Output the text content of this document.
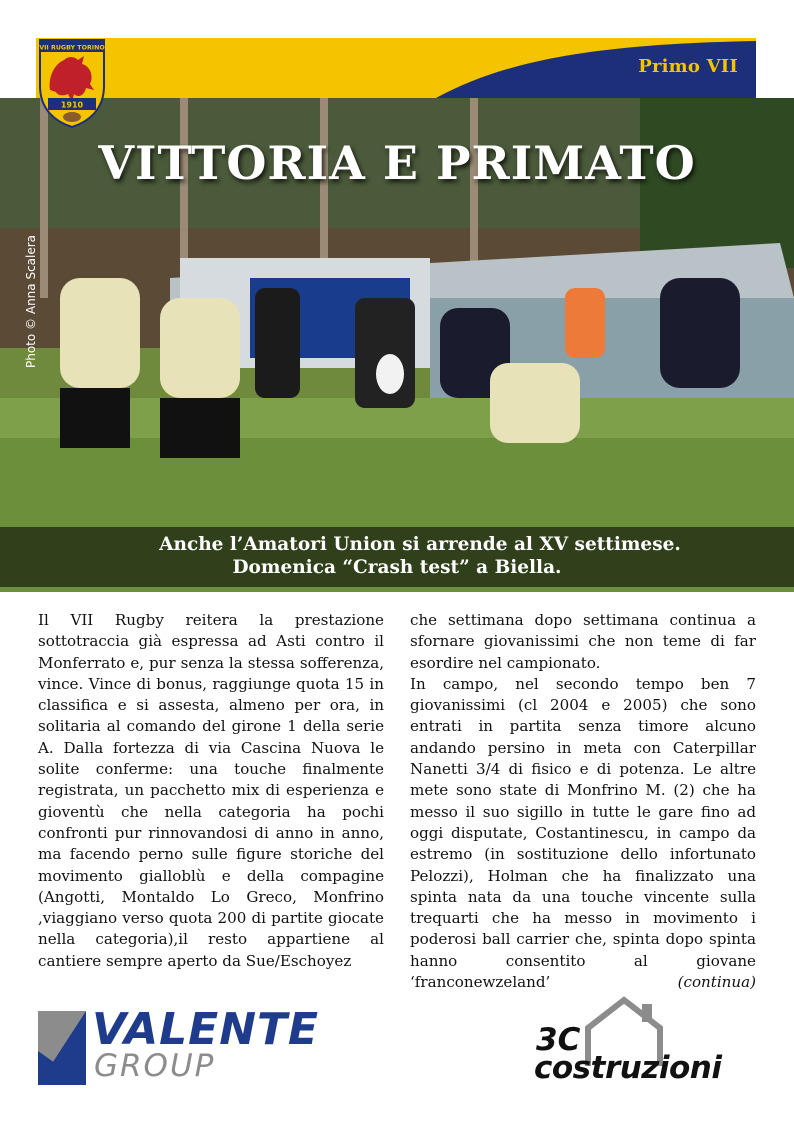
Primo VII
VII RUGBY TORINO
1910
VITTORIA E PRIMATO
Photo © Anna Scalera
Anche l’Amatori Union si arrende al XV settimese.
Domenica “Crash test” a Biella.

Il VII Rugby reitera la prestazione sottotraccia già espressa ad Asti contro il Monferrato e, pur senza la stessa sofferenza, vince. Vince di bonus, raggiunge quota 15 in classifica e si assesta, almeno per ora, in solitaria al comando del girone 1 della serie A. Dalla fortezza di via Cascina Nuova le solite conferme: una touche finalmente registrata, un pacchetto mix di esperienza e gioventù che nella categoria ha pochi confronti pur rinnovandosi di anno in anno, ma facendo perno sulle figure storiche del movimento gialloblù e della compagine (Angotti, Montaldo Lo Greco, Monfrino ,viaggiano verso quota 200 di partite giocate nella categoria),il resto appartiene al cantiere sempre aperto da Sue/Eschoyez

che settimana dopo settimana continua a sfornare giovanissimi che non teme di far esordire nel campionato.

In campo, nel secondo tempo ben 7 giovanissimi (cl 2004 e 2005) che sono entrati in partita senza timore alcuno andando persino in meta con Caterpillar Nanetti 3/4 di fisico e di potenza. Le altre mete sono state di Monfrino M. (2) che ha messo il suo sigillo in tutte le gare fino ad oggi disputate, Costantinescu, in campo da estremo (in sostituzione dello infortunato Pelozzi), Holman che ha finalizzato una spinta nata da una touche vincente sulla trequarti che ha messo in movimento i poderosi ball carrier che, spinta dopo spinta hanno consentito al giovane ‘franconewzeland’	(continua)

VALENTE
GROUP
3C
costruzioni
